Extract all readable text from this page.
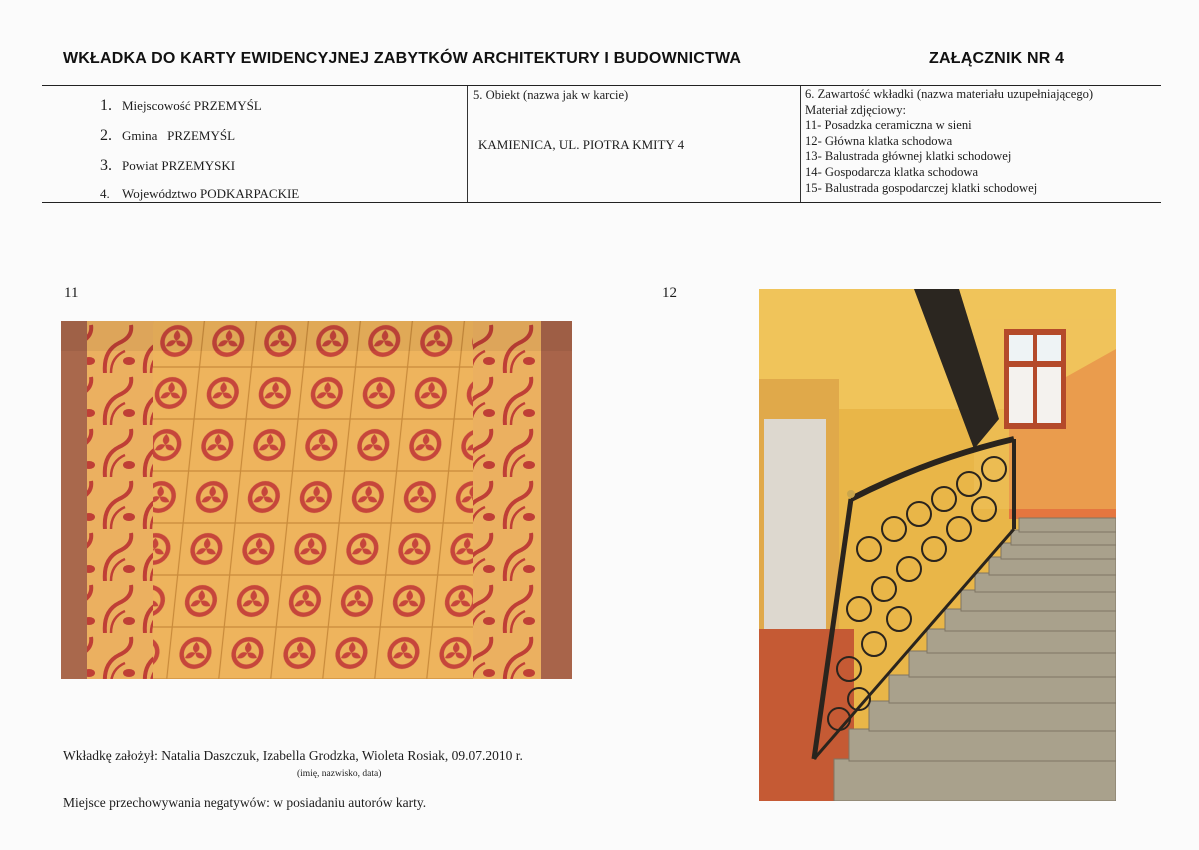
WKŁADKA DO KARTY EWIDENCYJNEJ ZABYTKÓW ARCHITEKTURY I BUDOWNICTWA	ZAŁĄCZNIK NR 4
1. Miejscowość PRZEMYŚL
2. Gmina   PRZEMYŚL
3. Powiat PRZEMYSKI
4. Województwo PODKARPACKIE
5. Obiekt (nazwa jak w karcie)
KAMIENICA, UL. PIOTRA KMITY 4
6. Zawartość wkładki (nazwa materiału uzupełniającego)
Materiał zdjęciowy:
11- Posadzka ceramiczna w sieni
12- Główna klatka schodowa
13- Balustrada głównej klatki schodowej
14- Gospodarcza klatka schodowa
15- Balustrada gospodarczej klatki schodowej
11	12
Wkładkę założył: Natalia Daszczuk, Izabella Grodzka, Wioleta Rosiak, 09.07.2010 r.
(imię, nazwisko, data)
Miejsce przechowywania negatywów: w posiadaniu autorów karty.
